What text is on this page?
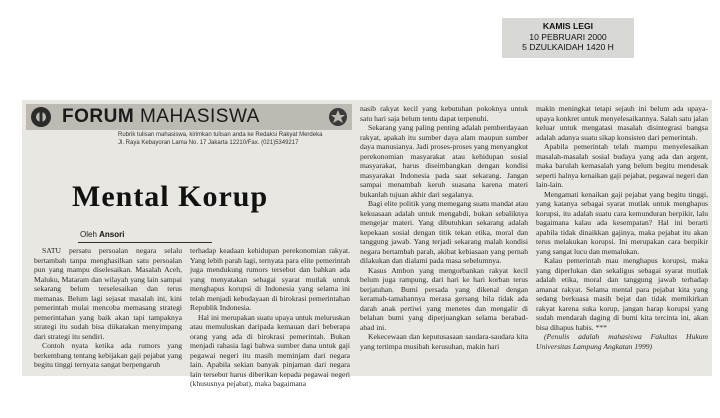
KAMIS LEGI
10 PEBRUARI 2000
5 DZULKAIDAH 1420 H
FORUM MAHASISWA
Rubrik tulisan mahasiswa, kirimkan tulisan anda ke Redaksi Rakyat Merdeka
Jl. Raya Kebayoran Lama No. 17 Jakarta 12210/Fax. (021)5349217
Mental Korup
Oleh Ansori

SATU persatu persoalan negara selalu bertambah tanpa menghasilkan satu persoalan pun yang mampu diselesaikan. Masalah Aceh, Maluku, Mataram dan wilayah yang lain sampai sekarang belum terselesaikan dan terus memanas. Belum lagi sejasat masalah ini, kini pemerintah mulai mencoba memasang strategi pemerintahan yang baik akan tapi tampaknya strategi itu sudah bisa diikatakan menyimpang dari strategi itu sendiri.

Contoh nyata ketika ada rumors yang berkembang tentang kebijakan gaji pejabat yang begitu tinggi ternyata sangat berpengaruh

terhadap keadaan kehidupan perekonomian rakyat. Yang lebih parah lagi, ternyata para elite pemerintah juga mendukung rumors tersebut dan bahkan ada yang menyatakan sebagai syarat mutlak untuk menghapus korupsi di Indonesia yang selama ini telah menjadi kebudayaan di birokrasi pemerintahan Republik Indonesia.

Hal ini merupakan suatu upaya untuk meluruskan atau memuluskan daripada kemauan dari beberapa orang yang ada di birokrasi pemerintah. Bukan menjadi rahasia lagi bahwa sumber dana untuk gaji pegawai negeri itu masih meminjam dari negara lain. Apabila sekian banyak pinjaman dari negara lain tersebut harus diberikan kepada pegawai negeri (khususnya pejabat), maka bagaimana

nasib rakyat kecil yang kebutuhan pokoknya untuk satu hari saja belum tentu dapat terpenuhi.

Sekarang yang paling penting adalah pemberdayaan rakyat, apakah itu sumber daya alam maupun sumber daya manusianya. Jadi proses-proses yang menyangkut perekonomian masyarakat atau kehidupan sosial masyarakat, harus diseimbangkan dengan kondisi masyarakat Indonesia pada saat sekarang. Jangan sampai menambah keruh suasana karena materi bukanlah tujuan akhir dari segalanya.

Bagi elite politik yang memegang suatu mandat atau kekuasaan adalah untuk mengabdi, bukan sebaliknya mengejar materi. Yang dibutuhkan sekarang adalah kepekaan sosial dengan titik tekan etika, moral dan tanggung jawab. Yang terjadi sekarang malah kondisi negara bertambah parah, akibat kebiasaan yang pernah dilakukan dan dialami pada masa sebelumnya.

Kasus Ambon yang mengorbankan rakyat kecil belum juga rampung, dari hari ke hari korban terus berjatuhan. Bumi persada yang dikenal dengan keramah-tamahannya merasa gersang bila tidak ada darah anak pertiwi yang menetes dan mengalir di belahan bumi yang diperjuangkan selama berabad-abad ini.

Kekecewaan dan keputusasaan saudara-saudara kita yang tertimpa musibah kerusuhan, makin hari

makin meningkat tetapi sejauh ini belum ada upaya-upaya konkret untuk menyelesaikannya. Salah satu jalan keluar untuk mengatasi masalah disintegrasi bangsa adalah adanya suatu sikap konsisten dari pemerintah.

Apabila pemerintah telah mampu menyelesaikan masalah-masalah sosial budaya yang ada dan argent, maka barulah kemasalah yang belum begitu mendesak seperti halnya kenaikan gaji pejabat, pegawai negeri dan lain-lain.

Mengamati kenaikan gaji pejabat yang begitu tinggi, yang katanya sebagai syarat mutlak untuk menghapus korupsi, itu adalah suatu cara kemunduran berpikir, lalu bagaimana kalau ada kesempatan? Hal ini berarti apabila tidak dinaikkan gajinya, maka pejabat itu akan terus melakukan korupsi. Ini merupakan cara berpikir yang sangat lucu dan memalukan.

Kalau pemerintah mau menghapus korupsi, maka yang diperlukan dan sekaligus sebagai syarat mutlak adalah etika, moral dan tanggung jawab terhadap amanat rakyat. Selama mental para pejabat kita yang sedang berkuasa masih bejat dan tidak memikirkan rakyat karena suka korup, jangan harap korupsi yang sudah mendarah daging di bumi kita tercinta ini, akan bisa dihapus habis. ***

(Penulis adalah mahasiswa Fakultas Hukum Universitas Lampung Angkatan 1999)
